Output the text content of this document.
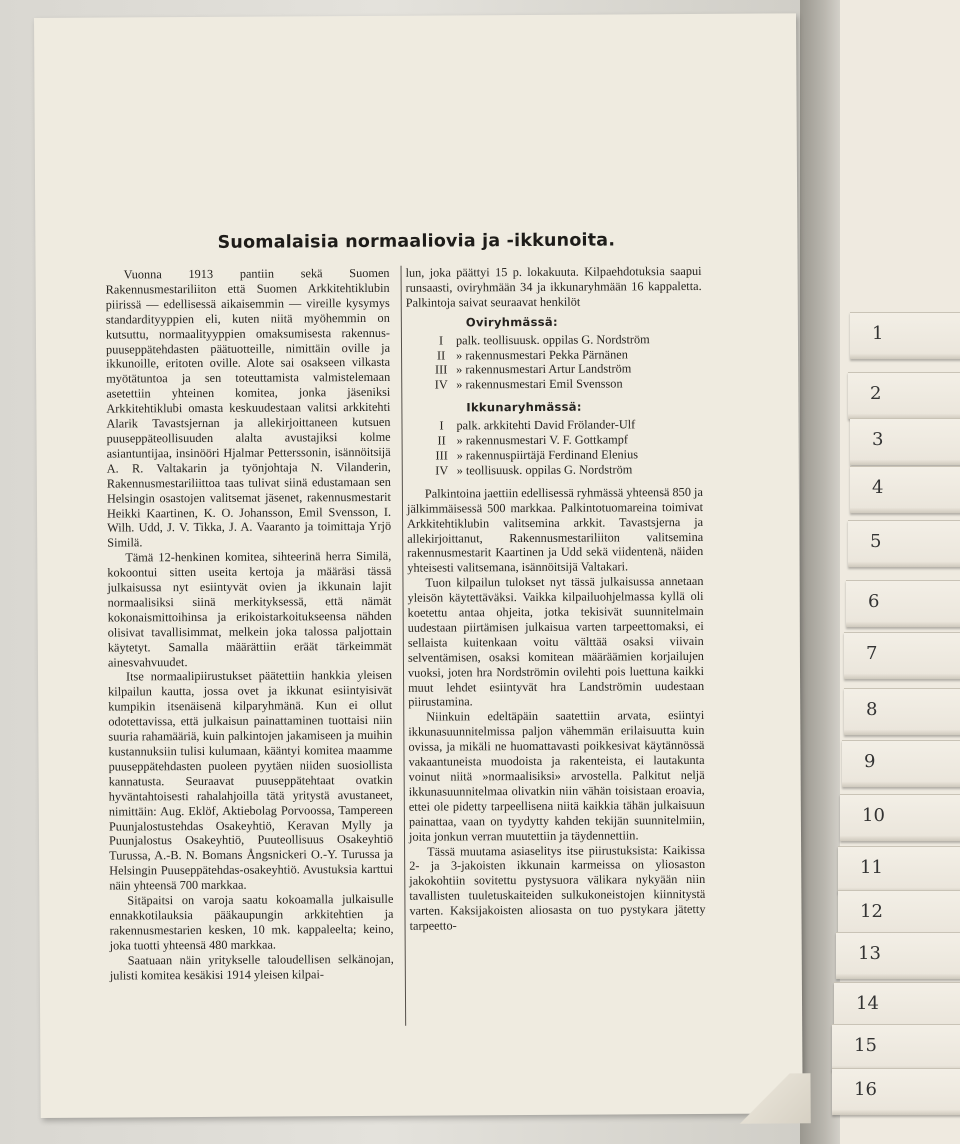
1
2
3
4
5
6
7
8
9
10
11
12
13
14
15
16
Suomalaisia normaaliovia ja -ikkunoita.

Vuonna 1913 pantiin sekä Suomen Rakennusmestariliiton että Suomen Arkkitehtiklubin piirissä — edellisessä aikaisemmin — vireille kysymys standardityyppien eli, kuten niitä myöhemmin on kutsuttu, normaalityyppien omaksumisesta rakennus-puuseppätehdasten päätuotteille, nimittäin oville ja ikkunoille, eritoten oville. Alote sai osakseen vilkasta myötätuntoa ja sen toteuttamista valmistelemaan asetettiin yhteinen komitea, jonka jäseniksi Arkkitehtiklubi omasta keskuudestaan valitsi arkkitehti Alarik Tavastsjernan ja allekirjoittaneen kutsuen puuseppäteollisuuden alalta avustajiksi kolme asiantuntijaa, insinööri Hjalmar Petterssonin, isännöitsijä A. R. Valtakarin ja työnjohtaja N. Vilanderin, Rakennusmestariliittoa taas tulivat siinä edustamaan sen Helsingin osastojen valitsemat jäsenet, rakennusmestarit Heikki Kaartinen, K. O. Johansson, Emil Svensson, I. Wilh. Udd, J. V. Tikka, J. A. Vaaranto ja toimittaja Yrjö Similä.

Tämä 12-henkinen komitea, sihteerinä herra Similä, kokoontui sitten useita kertoja ja määräsi tässä julkaisussa nyt esiintyvät ovien ja ikkunain lajit normaalisiksi siinä merkityksessä, että nämät kokonaismittoihinsa ja erikoistarkoitukseensa nähden olisivat tavallisimmat, melkein joka talossa paljottain käytetyt. Samalla määrättiin eräät tärkeimmät ainesvahvuudet.

Itse normaalipiirustukset päätettiin hankkia yleisen kilpailun kautta, jossa ovet ja ikkunat esiintyisivät kumpikin itsenäisenä kilparyhmänä. Kun ei ollut odotettavissa, että julkaisun painattaminen tuottaisi niin suuria rahamääriä, kuin palkintojen jakamiseen ja muihin kustannuksiin tulisi kulumaan, kääntyi komitea maamme puuseppätehdasten puoleen pyytäen niiden suosiollista kannatusta. Seuraavat puuseppätehtaat ovatkin hyväntahtoisesti rahalahjoilla tätä yritystä avustaneet, nimittäin: Aug. Eklöf, Aktiebolag Porvoossa, Tampereen Puunjalostustehdas Osakeyhtiö, Keravan Mylly ja Puunjalostus Osakeyhtiö, Puuteollisuus Osakeyhtiö Turussa, A.-B. N. Bomans Ångsnickeri O.-Y. Turussa ja Helsingin Puuseppätehdas-osakeyhtiö. Avustuksia karttui näin yhteensä 700 markkaa.

Sitäpaitsi on varoja saatu kokoamalla julkaisulle ennakkotilauksia pääkaupungin arkkitehtien ja rakennusmestarien kesken, 10 mk. kappaleelta; keino, joka tuotti yhteensä 480 markkaa.

Saatuaan näin yritykselle taloudellisen selkänojan, julisti komitea kesäkisi 1914 yleisen kilpai-

lun, joka päättyi 15 p. lokakuuta. Kilpaehdotuksia saapui runsaasti, oviryhmään 34 ja ikkunaryhmään 16 kappaletta. Palkintoja saivat seuraavat henkilöt

Oviryhmässä:
I	palk. teollisuusk. oppilas G. Nordström
II » rakennusmestari Pekka Pärnänen
III » rakennusmestari Artur Landström
IV » rakennusmestari Emil Svensson
Ikkunaryhmässä:
I	palk. arkkitehti David Frölander-Ulf
II » rakennusmestari V. F. Gottkampf
III » rakennuspiirtäjä Ferdinand Elenius
IV » teollisuusk. oppilas G. Nordström

Palkintoina jaettiin edellisessä ryhmässä yhteensä 850 ja jälkimmäisessä 500 markkaa. Palkintotuomareina toimivat Arkkitehtiklubin valitsemina arkkit. Tavastsjerna ja allekirjoittanut, Rakennusmestariliiton valitsemina rakennusmestarit Kaartinen ja Udd sekä viidentenä, näiden yhteisesti valitsemana, isännöitsijä Valtakari.

Tuon kilpailun tulokset nyt tässä julkaisussa annetaan yleisön käytettäväksi. Vaikka kilpailuohjelmassa kyllä oli koetettu antaa ohjeita, jotka tekisivät suunnitelmain uudestaan piirtämisen julkaisua varten tarpeettomaksi, ei sellaista kuitenkaan voitu välttää osaksi viivain selventämisen, osaksi komitean määräämien korjailujen vuoksi, joten hra Nordströmin ovilehti pois luettuna kaikki muut lehdet esiintyvät hra Landströmin uudestaan piirustamina.

Niinkuin edeltäpäin saatettiin arvata, esiintyi ikkunasuunnitelmissa paljon vähemmän erilaisuutta kuin ovissa, ja mikäli ne huomattavasti poikkesivat käytännössä vakaantuneista muodoista ja rakenteista, ei lautakunta voinut niitä »normaalisiksi» arvostella. Palkitut neljä ikkunasuunnitelmaa olivatkin niin vähän toisistaan eroavia, ettei ole pidetty tarpeellisena niitä kaikkia tähän julkaisuun painattaa, vaan on tyydytty kahden tekijän suunnitelmiin, joita jonkun verran muutettiin ja täydennettiin.

Tässä muutama asiaselitys itse piirustuksista: Kaikissa 2- ja 3-jakoisten ikkunain karmeissa on yliosaston jakokohtiin sovitettu pystysuora välikara nykyään niin tavallisten tuuletuskaiteiden sulkukoneistojen kiinnitystä varten. Kaksijakoisten aliosasta on tuo pystykara jätetty tarpeetto-
